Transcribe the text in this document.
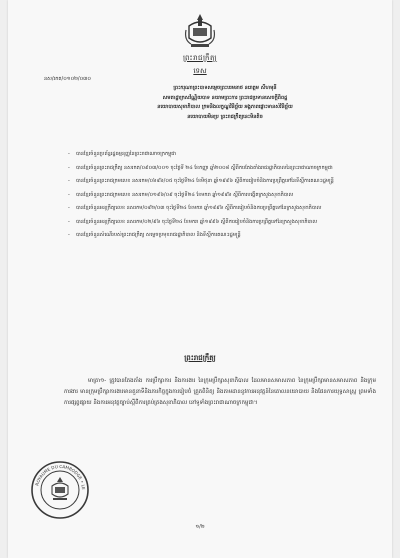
ព្រះរាជក្រឹត្យ
ទេស
នស/រកត/០១០២/០៣០
ព្រះករុណាព្រះបាទសម្តេចព្រះបរមនាថ នរោត្តម សីហមុនី
សមតាដ្ឋាក្រសវ័ណ្ណិយបាទ នយាមព្រះការ ព្រះរាជប្រទានសេចក្តីពិពដ្ឋ
នយោបាយសុខាភិបាល ក្រមនិងលក្ខណ្ឌវិនិច្ឆ័យ អង្គភាពផ្តោះមានស់វិនិច្ឆ័យ
នយោបាយមិនប្រ ព្រះរាជក្រឹត្យនេះមិនតិច
- បានខ្មែរចំនួនប្រព័ន្ធរដ្ឋធម្មនុញ្ញនៃព្រះរាជាណាចក្រកម្ពុជា
- បានខ្មែរចំនួនព្រះរាជក្រឹត្យ នសរកត/០៩០៣/០០១ ចុះថ្ងៃទី ២៤ ខែកញ្ញា ឆ្នាំ២០០៨ ស្តីពីការតែងតាំងរាជរដ្ឋាភិបាលនៃព្រះរាជាណាចក្រកម្ពុជា
- បានខ្មែរចំនួនព្រះរាជក្រមលេខ នសរកម/០៦៩៦/០៥ ចុះថ្ងៃទី២៤ ខែមិថុនា ឆ្នាំ១៩៩៦ ស្តីពីការរៀបចំនិងការប្រព្រឹត្តទៅនៃទីស្តីការគណៈរដ្ឋមន្ត្រី
- បានខ្មែរចំនួនព្រះរាជក្រមលេខ នសរកម/០១៩៦/០៩ ចុះថ្ងៃទី២៤ ខែមករា ឆ្នាំ១៩៩៦ ស្តីពីការបង្កើតក្រសួងសុខាភិបាល
- បានខ្មែរចំនួនអនុក្រឹត្យលេខ នសរកម/០៩២/០៣ ចុះថ្ងៃទី២៤ ខែមករា ឆ្នាំ១៩៩៦ ស្តីពីការរៀបចំនិងការប្រព្រឹត្តទៅនៃក្រសួងសុខាភិបាល
- បានខ្មែរចំនួនអនុក្រឹត្យលេខ នសរកម/០២/៩៦ ចុះថ្ងៃទី២៤ ខែមករា ឆ្នាំ១៩៩៦ ស្តីពីការរៀបចំនិងការប្រព្រឹត្តទៅនៃក្រសួងសុខាភិបាល
- បានខ្មែរចំនួនសំណើរបស់ព្រះរាជក្រឹត្យ សម្តេចប្រមុខរាជរដ្ឋាភិបាល និងទីស្តីការគណៈរដ្ឋមន្ត្រី
ព្រះរាជក្រឹត្យ
មាត្រា១- ត្រូវបានតែងតាំង ការប្រឹក្សាការ និងការងារ នៃក្រុមប្រឹក្សាសុខាភិបាល ដែលមានសមាសភាព នៃក្រុមប្រឹក្សាមានសមាសភាព និងក្រុមការងារ មានក្រុមប្រឹក្សាការងារមានតួនាទីនិងភារកិច្ចក្នុងការរៀបចំ ត្រួតពិនិត្យ និងតាមដាននូវការអនុវត្តន៍នៃគោលនយោបាយ និងផែនការយុទ្ធសាស្ត្រ ព្រមទាំងការផ្សព្វផ្សាយ និងការអនុវត្តច្បាប់ស្តីពីការគ្រប់គ្រងសុខាភិបាល នៅទូទាំងព្រះរាជាណាចក្រកម្ពុជា។
ROYAUME DU CAMBODGE • LE
១/២
